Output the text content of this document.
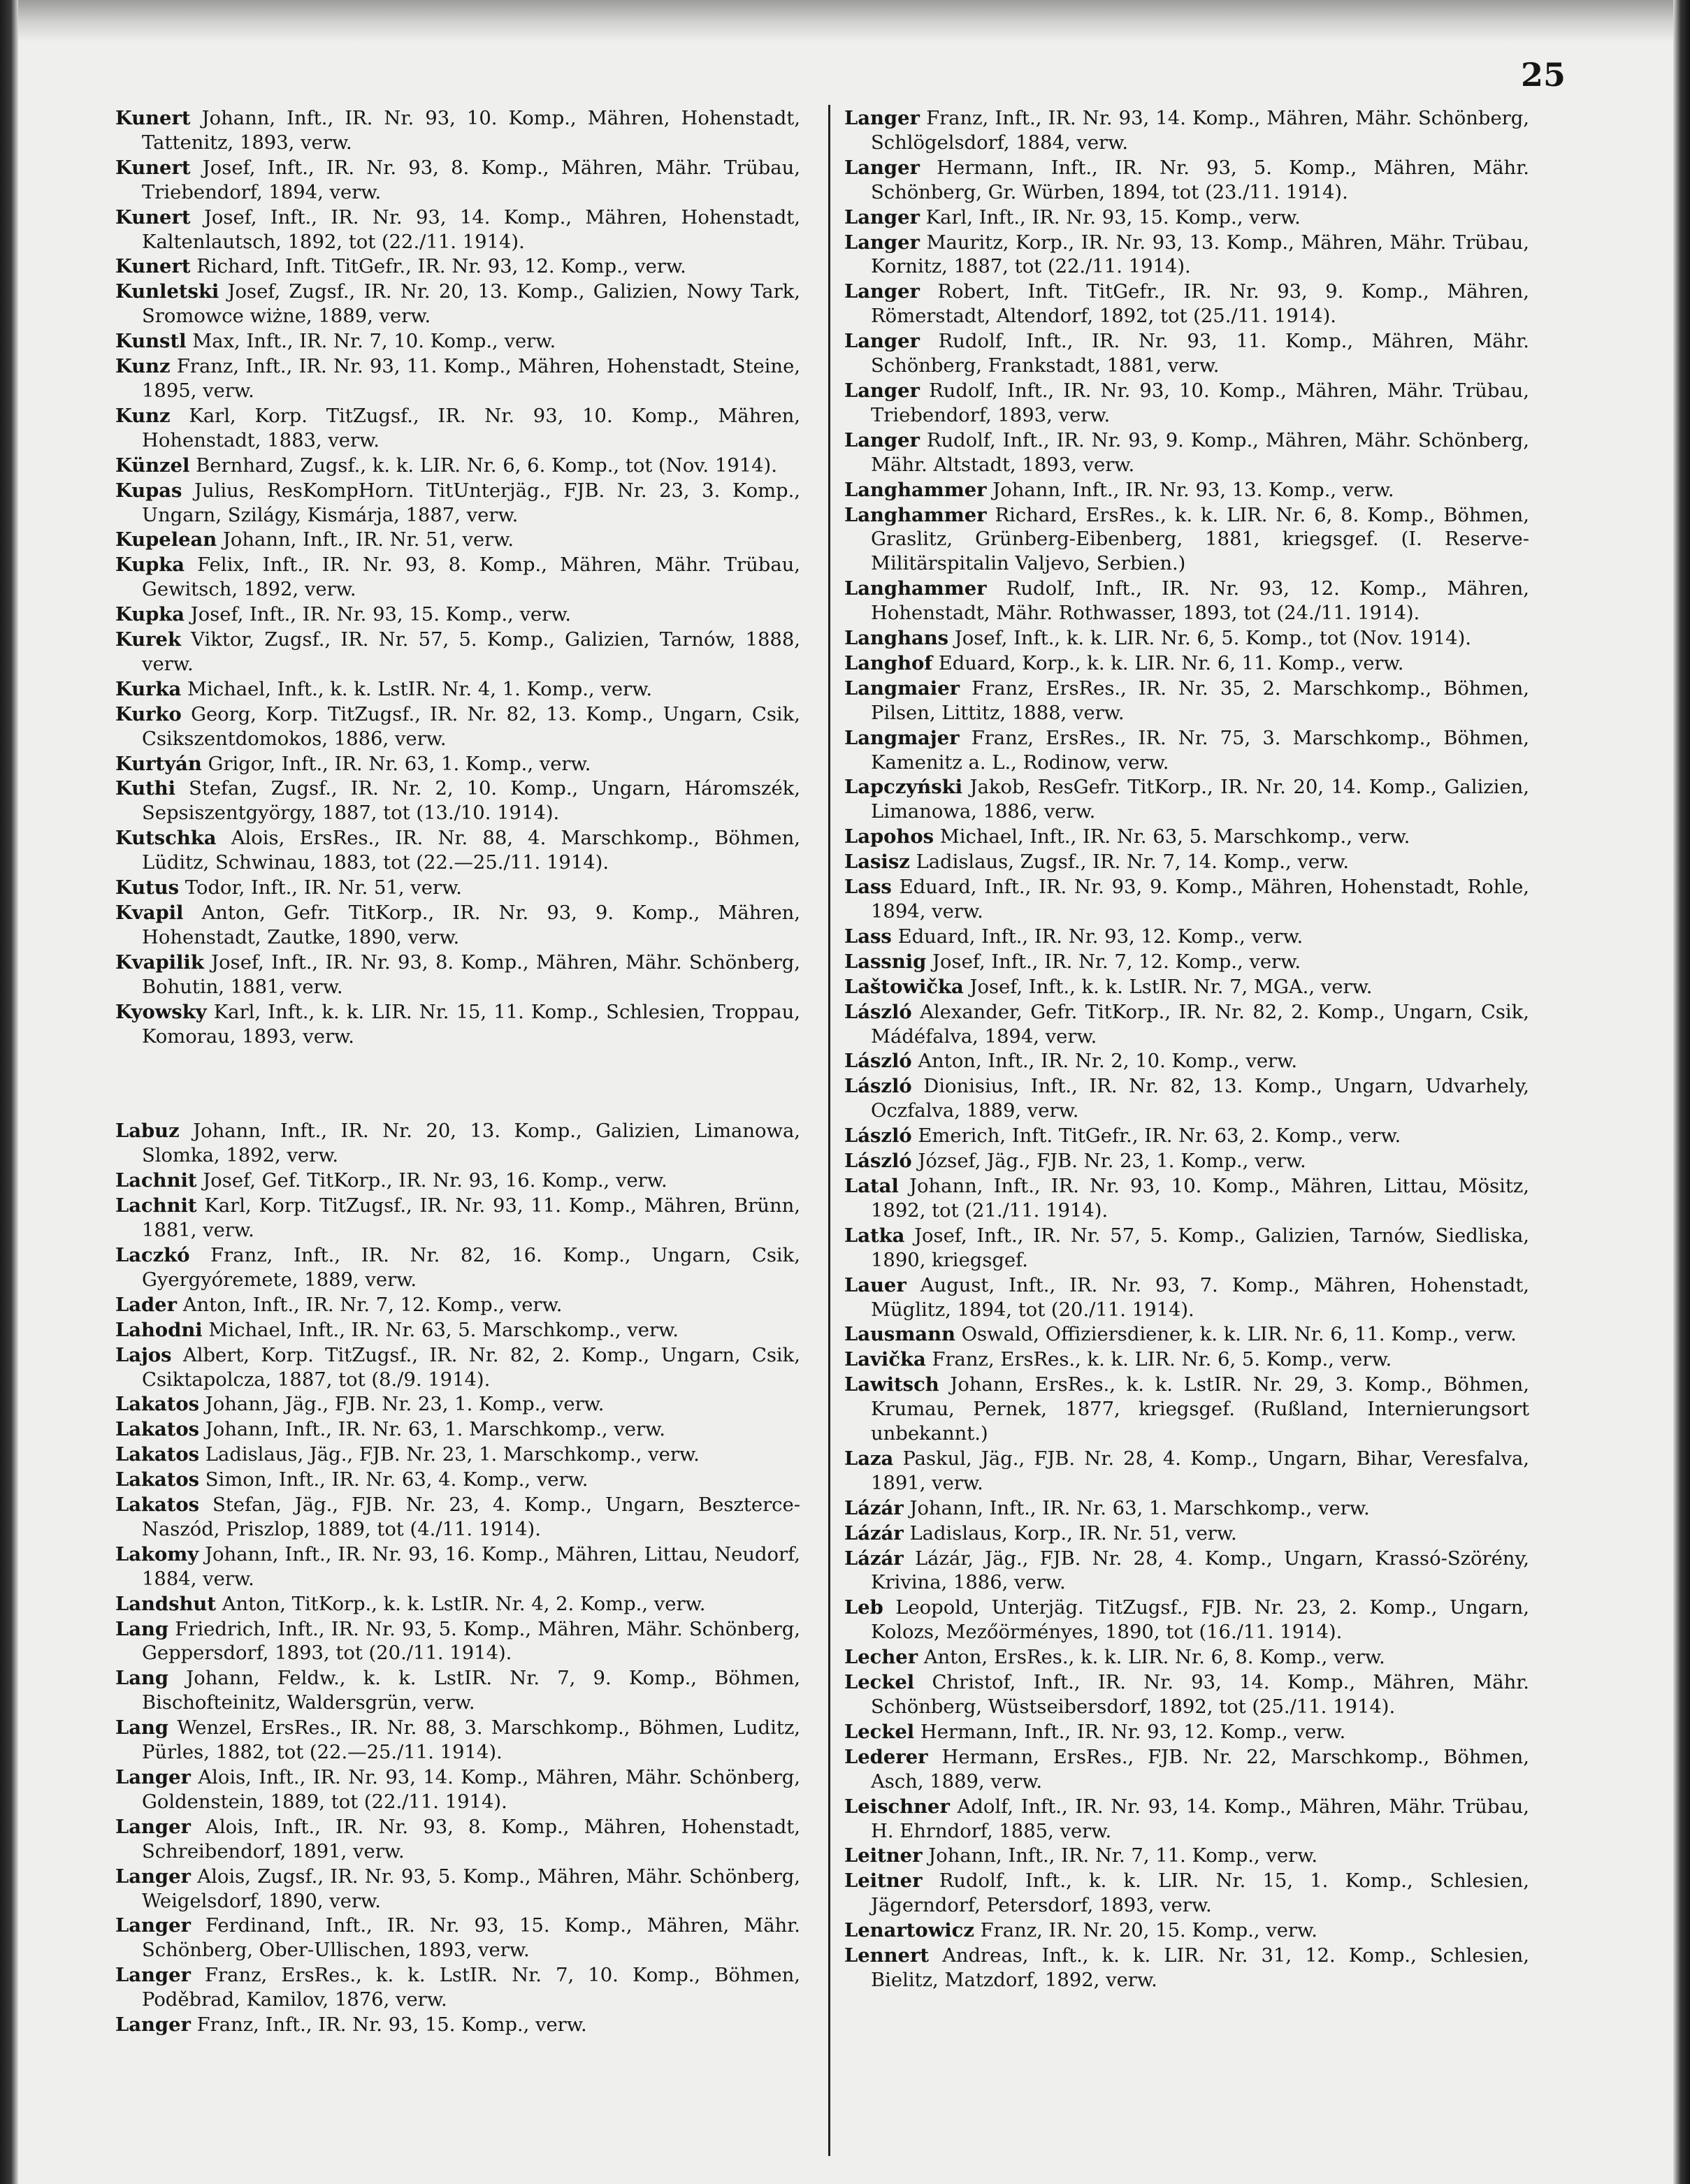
25
Kunert Johann, Inft., IR. Nr. 93, 10. Komp., Mähren, Hohenstadt, Tattenitz, 1893, verw.
Kunert Josef, Inft., IR. Nr. 93, 8. Komp., Mähren, Mähr. Trübau, Triebendorf, 1894, verw.
Kunert Josef, Inft., IR. Nr. 93, 14. Komp., Mähren, Hohenstadt, Kaltenlautsch, 1892, tot (22./11. 1914).
Kunert Richard, Inft. TitGefr., IR. Nr. 93, 12. Komp., verw.
Kunletski Josef, Zugsf., IR. Nr. 20, 13. Komp., Galizien, Nowy Tark, Sromowce wiżne, 1889, verw.
Kunstl Max, Inft., IR. Nr. 7, 10. Komp., verw.
Kunz Franz, Inft., IR. Nr. 93, 11. Komp., Mähren, Hohenstadt, Steine, 1895, verw.
Kunz Karl, Korp. TitZugsf., IR. Nr. 93, 10. Komp., Mähren, Hohenstadt, 1883, verw.
Künzel Bernhard, Zugsf., k. k. LIR. Nr. 6, 6. Komp., tot (Nov. 1914).
Kupas Julius, ResKompHorn. TitUnterjäg., FJB. Nr. 23, 3. Komp., Ungarn, Szilágy, Kismárja, 1887, verw.
Kupelean Johann, Inft., IR. Nr. 51, verw.
Kupka Felix, Inft., IR. Nr. 93, 8. Komp., Mähren, Mähr. Trübau, Gewitsch, 1892, verw.
Kupka Josef, Inft., IR. Nr. 93, 15. Komp., verw.
Kurek Viktor, Zugsf., IR. Nr. 57, 5. Komp., Galizien, Tarnów, 1888, verw.
Kurka Michael, Inft., k. k. LstIR. Nr. 4, 1. Komp., verw.
Kurko Georg, Korp. TitZugsf., IR. Nr. 82, 13. Komp., Ungarn, Csik, Csikszentdomokos, 1886, verw.
Kurtyán Grigor, Inft., IR. Nr. 63, 1. Komp., verw.
Kuthi Stefan, Zugsf., IR. Nr. 2, 10. Komp., Ungarn, Háromszék, Sepsiszentgyörgy, 1887, tot (13./10. 1914).
Kutschka Alois, ErsRes., IR. Nr. 88, 4. Marschkomp., Böhmen, Lüditz, Schwinau, 1883, tot (22.—25./11. 1914).
Kutus Todor, Inft., IR. Nr. 51, verw.
Kvapil Anton, Gefr. TitKorp., IR. Nr. 93, 9. Komp., Mähren, Hohenstadt, Zautke, 1890, verw.
Kvapilik Josef, Inft., IR. Nr. 93, 8. Komp., Mähren, Mähr. Schönberg, Bohutin, 1881, verw.
Kyowsky Karl, Inft., k. k. LIR. Nr. 15, 11. Komp., Schlesien, Troppau, Komorau, 1893, verw.
Labuz Johann, Inft., IR. Nr. 20, 13. Komp., Galizien, Limanowa, Slomka, 1892, verw.
Lachnit Josef, Gef. TitKorp., IR. Nr. 93, 16. Komp., verw.
Lachnit Karl, Korp. TitZugsf., IR. Nr. 93, 11. Komp., Mähren, Brünn, 1881, verw.
Laczkó Franz, Inft., IR. Nr. 82, 16. Komp., Ungarn, Csik, Gyergyóremete, 1889, verw.
Lader Anton, Inft., IR. Nr. 7, 12. Komp., verw.
Lahodni Michael, Inft., IR. Nr. 63, 5. Marschkomp., verw.
Lajos Albert, Korp. TitZugsf., IR. Nr. 82, 2. Komp., Ungarn, Csik, Csiktapolcza, 1887, tot (8./9. 1914).
Lakatos Johann, Jäg., FJB. Nr. 23, 1. Komp., verw.
Lakatos Johann, Inft., IR. Nr. 63, 1. Marschkomp., verw.
Lakatos Ladislaus, Jäg., FJB. Nr. 23, 1. Marschkomp., verw.
Lakatos Simon, Inft., IR. Nr. 63, 4. Komp., verw.
Lakatos Stefan, Jäg., FJB. Nr. 23, 4. Komp., Ungarn, Beszterce-Naszód, Priszlop, 1889, tot (4./11. 1914).
Lakomy Johann, Inft., IR. Nr. 93, 16. Komp., Mähren, Littau, Neudorf, 1884, verw.
Landshut Anton, TitKorp., k. k. LstIR. Nr. 4, 2. Komp., verw.
Lang Friedrich, Inft., IR. Nr. 93, 5. Komp., Mähren, Mähr. Schönberg, Geppersdorf, 1893, tot (20./11. 1914).
Lang Johann, Feldw., k. k. LstIR. Nr. 7, 9. Komp., Böhmen, Bischofteinitz, Waldersgrün, verw.
Lang Wenzel, ErsRes., IR. Nr. 88, 3. Marschkomp., Böhmen, Luditz, Pürles, 1882, tot (22.—25./11. 1914).
Langer Alois, Inft., IR. Nr. 93, 14. Komp., Mähren, Mähr. Schönberg, Goldenstein, 1889, tot (22./11. 1914).
Langer Alois, Inft., IR. Nr. 93, 8. Komp., Mähren, Hohenstadt, Schreibendorf, 1891, verw.
Langer Alois, Zugsf., IR. Nr. 93, 5. Komp., Mähren, Mähr. Schönberg, Weigelsdorf, 1890, verw.
Langer Ferdinand, Inft., IR. Nr. 93, 15. Komp., Mähren, Mähr. Schönberg, Ober-Ullischen, 1893, verw.
Langer Franz, ErsRes., k. k. LstIR. Nr. 7, 10. Komp., Böhmen, Poděbrad, Kamilov, 1876, verw.
Langer Franz, Inft., IR. Nr. 93, 15. Komp., verw.
Langer Franz, Inft., IR. Nr. 93, 14. Komp., Mähren, Mähr. Schönberg, Schlögelsdorf, 1884, verw.
Langer Hermann, Inft., IR. Nr. 93, 5. Komp., Mähren, Mähr. Schönberg, Gr. Würben, 1894, tot (23./11. 1914).
Langer Karl, Inft., IR. Nr. 93, 15. Komp., verw.
Langer Mauritz, Korp., IR. Nr. 93, 13. Komp., Mähren, Mähr. Trübau, Kornitz, 1887, tot (22./11. 1914).
Langer Robert, Inft. TitGefr., IR. Nr. 93, 9. Komp., Mähren, Römerstadt, Altendorf, 1892, tot (25./11. 1914).
Langer Rudolf, Inft., IR. Nr. 93, 11. Komp., Mähren, Mähr. Schönberg, Frankstadt, 1881, verw.
Langer Rudolf, Inft., IR. Nr. 93, 10. Komp., Mähren, Mähr. Trübau, Triebendorf, 1893, verw.
Langer Rudolf, Inft., IR. Nr. 93, 9. Komp., Mähren, Mähr. Schönberg, Mähr. Altstadt, 1893, verw.
Langhammer Johann, Inft., IR. Nr. 93, 13. Komp., verw.
Langhammer Richard, ErsRes., k. k. LIR. Nr. 6, 8. Komp., Böhmen, Graslitz, Grünberg-Eibenberg, 1881, kriegsgef. (I. Reserve-Militärspitalin Valjevo, Serbien.)
Langhammer Rudolf, Inft., IR. Nr. 93, 12. Komp., Mähren, Hohenstadt, Mähr. Rothwasser, 1893, tot (24./11. 1914).
Langhans Josef, Inft., k. k. LIR. Nr. 6, 5. Komp., tot (Nov. 1914).
Langhof Eduard, Korp., k. k. LIR. Nr. 6, 11. Komp., verw.
Langmaier Franz, ErsRes., IR. Nr. 35, 2. Marschkomp., Böhmen, Pilsen, Littitz, 1888, verw.
Langmajer Franz, ErsRes., IR. Nr. 75, 3. Marschkomp., Böhmen, Kamenitz a. L., Rodinow, verw.
Lapczyński Jakob, ResGefr. TitKorp., IR. Nr. 20, 14. Komp., Galizien, Limanowa, 1886, verw.
Lapohos Michael, Inft., IR. Nr. 63, 5. Marschkomp., verw.
Lasisz Ladislaus, Zugsf., IR. Nr. 7, 14. Komp., verw.
Lass Eduard, Inft., IR. Nr. 93, 9. Komp., Mähren, Hohenstadt, Rohle, 1894, verw.
Lass Eduard, Inft., IR. Nr. 93, 12. Komp., verw.
Lassnig Josef, Inft., IR. Nr. 7, 12. Komp., verw.
Laštowička Josef, Inft., k. k. LstIR. Nr. 7, MGA., verw.
László Alexander, Gefr. TitKorp., IR. Nr. 82, 2. Komp., Ungarn, Csik, Mádéfalva, 1894, verw.
László Anton, Inft., IR. Nr. 2, 10. Komp., verw.
László Dionisius, Inft., IR. Nr. 82, 13. Komp., Ungarn, Udvarhely, Oczfalva, 1889, verw.
László Emerich, Inft. TitGefr., IR. Nr. 63, 2. Komp., verw.
László József, Jäg., FJB. Nr. 23, 1. Komp., verw.
Latal Johann, Inft., IR. Nr. 93, 10. Komp., Mähren, Littau, Mösitz, 1892, tot (21./11. 1914).
Latka Josef, Inft., IR. Nr. 57, 5. Komp., Galizien, Tarnów, Siedliska, 1890, kriegsgef.
Lauer August, Inft., IR. Nr. 93, 7. Komp., Mähren, Hohenstadt, Müglitz, 1894, tot (20./11. 1914).
Lausmann Oswald, Offiziersdiener, k. k. LIR. Nr. 6, 11. Komp., verw.
Lavička Franz, ErsRes., k. k. LIR. Nr. 6, 5. Komp., verw.
Lawitsch Johann, ErsRes., k. k. LstIR. Nr. 29, 3. Komp., Böhmen, Krumau, Pernek, 1877, kriegsgef. (Rußland, Internierungsort unbekannt.)
Laza Paskul, Jäg., FJB. Nr. 28, 4. Komp., Ungarn, Bihar, Veresfalva, 1891, verw.
Lázár Johann, Inft., IR. Nr. 63, 1. Marschkomp., verw.
Lázár Ladislaus, Korp., IR. Nr. 51, verw.
Lázár Lázár, Jäg., FJB. Nr. 28, 4. Komp., Ungarn, Krassó-Szörény, Krivina, 1886, verw.
Leb Leopold, Unterjäg. TitZugsf., FJB. Nr. 23, 2. Komp., Ungarn, Kolozs, Mezőörményes, 1890, tot (16./11. 1914).
Lecher Anton, ErsRes., k. k. LIR. Nr. 6, 8. Komp., verw.
Leckel Christof, Inft., IR. Nr. 93, 14. Komp., Mähren, Mähr. Schönberg, Wüstseibersdorf, 1892, tot (25./11. 1914).
Leckel Hermann, Inft., IR. Nr. 93, 12. Komp., verw.
Lederer Hermann, ErsRes., FJB. Nr. 22, Marschkomp., Böhmen, Asch, 1889, verw.
Leischner Adolf, Inft., IR. Nr. 93, 14. Komp., Mähren, Mähr. Trübau, H. Ehrndorf, 1885, verw.
Leitner Johann, Inft., IR. Nr. 7, 11. Komp., verw.
Leitner Rudolf, Inft., k. k. LIR. Nr. 15, 1. Komp., Schlesien, Jägerndorf, Petersdorf, 1893, verw.
Lenartowicz Franz, IR. Nr. 20, 15. Komp., verw.
Lennert Andreas, Inft., k. k. LIR. Nr. 31, 12. Komp., Schlesien, Bielitz, Matzdorf, 1892, verw.
